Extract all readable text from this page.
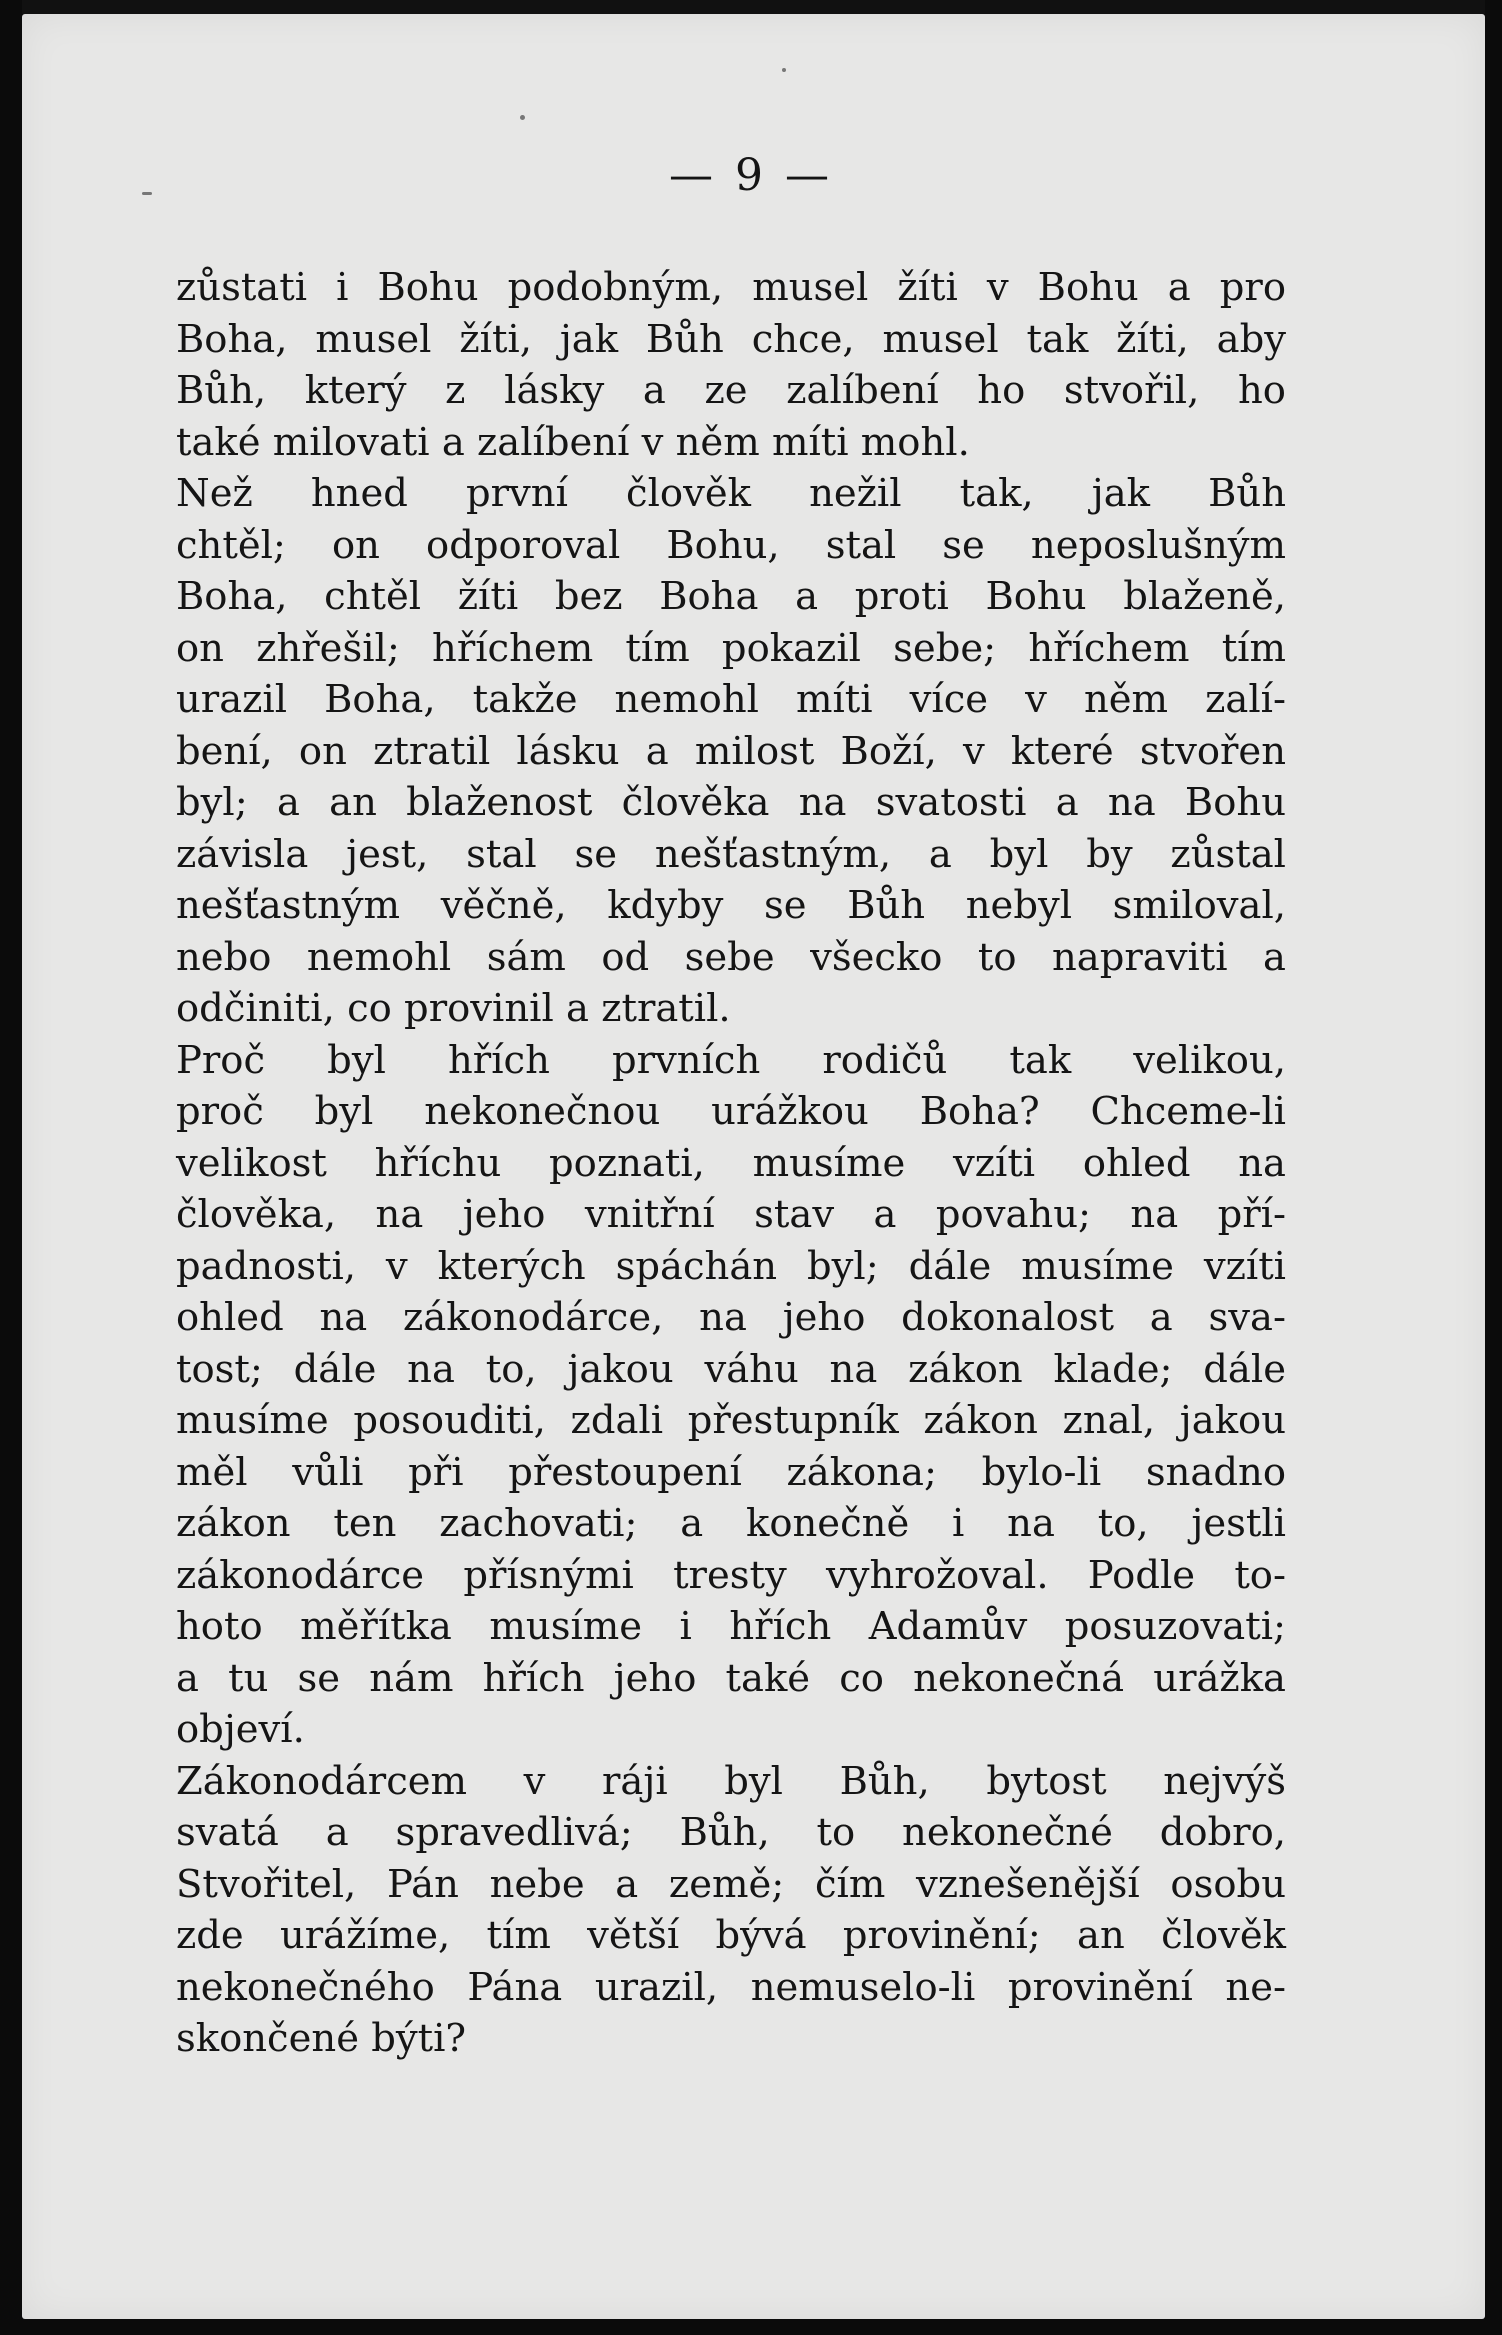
— 9 —
zůstati i Bohu podobným, musel žíti v Bohu a pro
Boha, musel žíti, jak Bůh chce, musel tak žíti, aby
Bůh, který z lásky a ze zalíbení ho stvořil, ho
také milovati a zalíbení v něm míti mohl.
Než hned první člověk nežil tak, jak Bůh
chtěl; on odporoval Bohu, stal se neposlušným
Boha, chtěl žíti bez Boha a proti Bohu blaženě,
on zhřešil; hříchem tím pokazil sebe; hříchem tím
urazil Boha, takže nemohl míti více v něm zalí-
bení, on ztratil lásku a milost Boží, v které stvořen
byl; a an blaženost člověka na svatosti a na Bohu
závisla jest, stal se nešťastným, a byl by zůstal
nešťastným věčně, kdyby se Bůh nebyl smiloval,
nebo nemohl sám od sebe všecko to napraviti a
odčiniti, co provinil a ztratil.
Proč byl hřích prvních rodičů tak velikou,
proč byl nekonečnou urážkou Boha? Chceme-li
velikost hříchu poznati, musíme vzíti ohled na
člověka, na jeho vnitřní stav a povahu; na pří-
padnosti, v kterých spáchán byl; dále musíme vzíti
ohled na zákonodárce, na jeho dokonalost a sva-
tost; dále na to, jakou váhu na zákon klade; dále
musíme posouditi, zdali přestupník zákon znal, jakou
měl vůli při přestoupení zákona; bylo-li snadno
zákon ten zachovati; a konečně i na to, jestli
zákonodárce přísnými tresty vyhrožoval. Podle to-
hoto měřítka musíme i hřích Adamův posuzovati;
a tu se nám hřích jeho také co nekonečná urážka
objeví.
Zákonodárcem v ráji byl Bůh, bytost nejvýš
svatá a spravedlivá; Bůh, to nekonečné dobro,
Stvořitel, Pán nebe a země; čím vznešenější osobu
zde urážíme, tím větší bývá provinění; an člověk
nekonečného Pána urazil, nemuselo-li provinění ne-
skončené býti?
